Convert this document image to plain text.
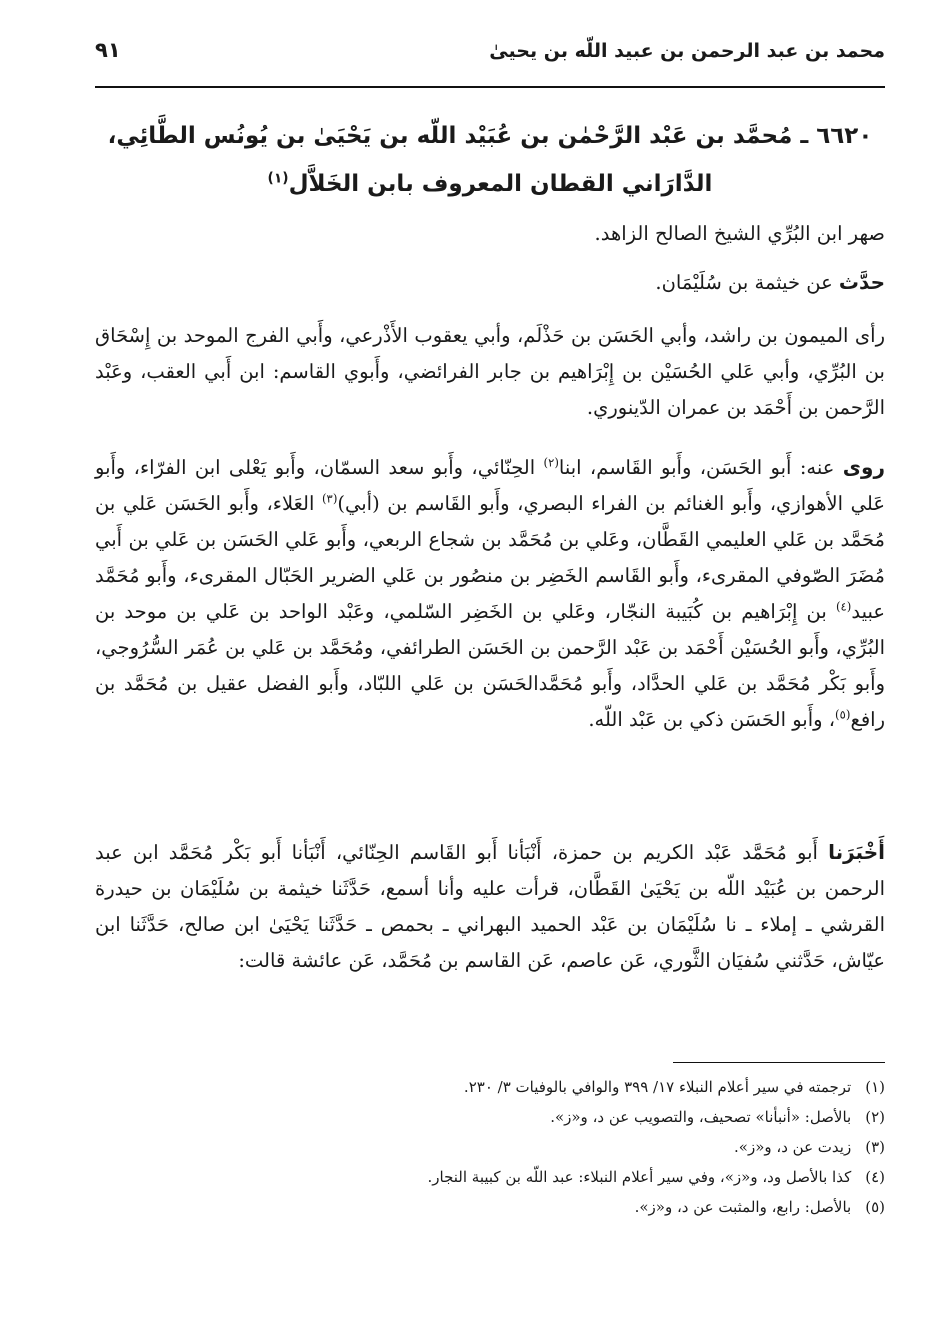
محمد بن عبد الرحمن بن عبيد اللّه بن يحيىٰ
٩١
٦٦٢٠ ـ مُحمَّد بن عَبْد الرَّحْمٰن بن عُبَيْد اللّه بن يَحْيَىٰ بن يُونُس الطَّائِي،
الدَّارَاني القطان المعروف بابن الخَلاَّل$^{(١)}$

صهر ابن البُرِّي الشيخ الصالح الزاهد.

حدَّث عن خيثمة بن سُلَيْمَان.

رأى الميمون بن راشد، وأبي الحَسَن بن حَذْلَم، وأبي يعقوب الأَذْرعي، وأَبي الفرج الموحد بن إِسْحَاق بن البُرِّي، وأبي عَلي الحُسَيْن بن إِبْرَاهيم بن جابر الفرائضي، وأَبوي القاسم: ابن أَبي العقب، وعَبْد الرَّحمن بن أَحْمَد بن عمران الدّينوري.

روى عنه: أَبو الحَسَن، وأَبو القَاسم، ابنا$^{(٢)}$ الحِنّائي، وأَبو سعد السمّان، وأَبو يَعْلى ابن الفرّاء، وأَبو عَلي الأهوازي، وأَبو الغنائم بن الفراء البصري، وأَبو القَاسم بن (أبي)$^{(٣)}$ العَلاء، وأَبو الحَسَن عَلي بن مُحَمَّد بن عَلي العليمي القَطَّان، وعَلي بن مُحَمَّد بن شجاع الربعي، وأَبو عَلي الحَسَن بن عَلي بن أَبي مُضَرَ الصّوفي المقرىء، وأَبو القَاسم الخَضِر بن منصُور بن عَلي الضرير الحَبّال المقرىء، وأَبو مُحَمَّد عبيد$^{(٤)}$ بن إِبْرَاهيم بن كُبَيبة النجّار، وعَلي بن الخَضِر السّلمي، وعَبْد الواحد بن عَلي بن موحد بن البُرِّي، وأَبو الحُسَيْن أَحْمَد بن عَبْد الرَّحمن بن الحَسَن الطرائفي، ومُحَمَّد بن عَلي بن عُمَر السُّرُوجي، وأَبو بَكْر مُحَمَّد بن عَلي الحدَّاد، وأَبو مُحَمَّدالحَسَن بن عَلي اللبّاد، وأَبو الفضل عقيل بن مُحَمَّد بن رافع$^{(٥)}$، وأَبو الحَسَن ذكي بن عَبْد اللّه.

أَخْبَرَنا أَبو مُحَمَّد عَبْد الكريم بن حمزة، أَنْبَأنا أَبو القَاسم الحِنّائي، أَنْبَأنا أَبو بَكْر مُحَمَّد ابن عبد الرحمن بن عُبَيْد اللّه بن يَحْيَىٰ القَطَّان، قرأت عليه وأنا أسمع، حَدَّثَنا خيثمة بن سُلَيْمَان بن حيدرة القرشي ـ إملاء ـ نا سُلَيْمَان بن عَبْد الحميد البهراني ـ بحمص ـ حَدَّثَنا يَحْيَىٰ ابن صالح، حَدَّثَنا ابن عيّاش، حَدَّثني سُفيَان الثَّوري، عَن عاصم، عَن القاسم بن مُحَمَّد، عَن عائشة قالت:

(١)ترجمته في سير أعلام النبلاء ١٧/ ٣٩٩ والوافي بالوفيات ٣/ ٢٣٠.
(٢)بالأصل: «أنبأنا» تصحيف، والتصويب عن د، و«ز».
(٣)زيدت عن د، و«ز».
(٤)كذا بالأصل ود، و«ز»، وفي سير أعلام النبلاء: عبد اللّه بن كبيبة النجار.
(٥)بالأصل: رابع، والمثبت عن د، و«ز».
